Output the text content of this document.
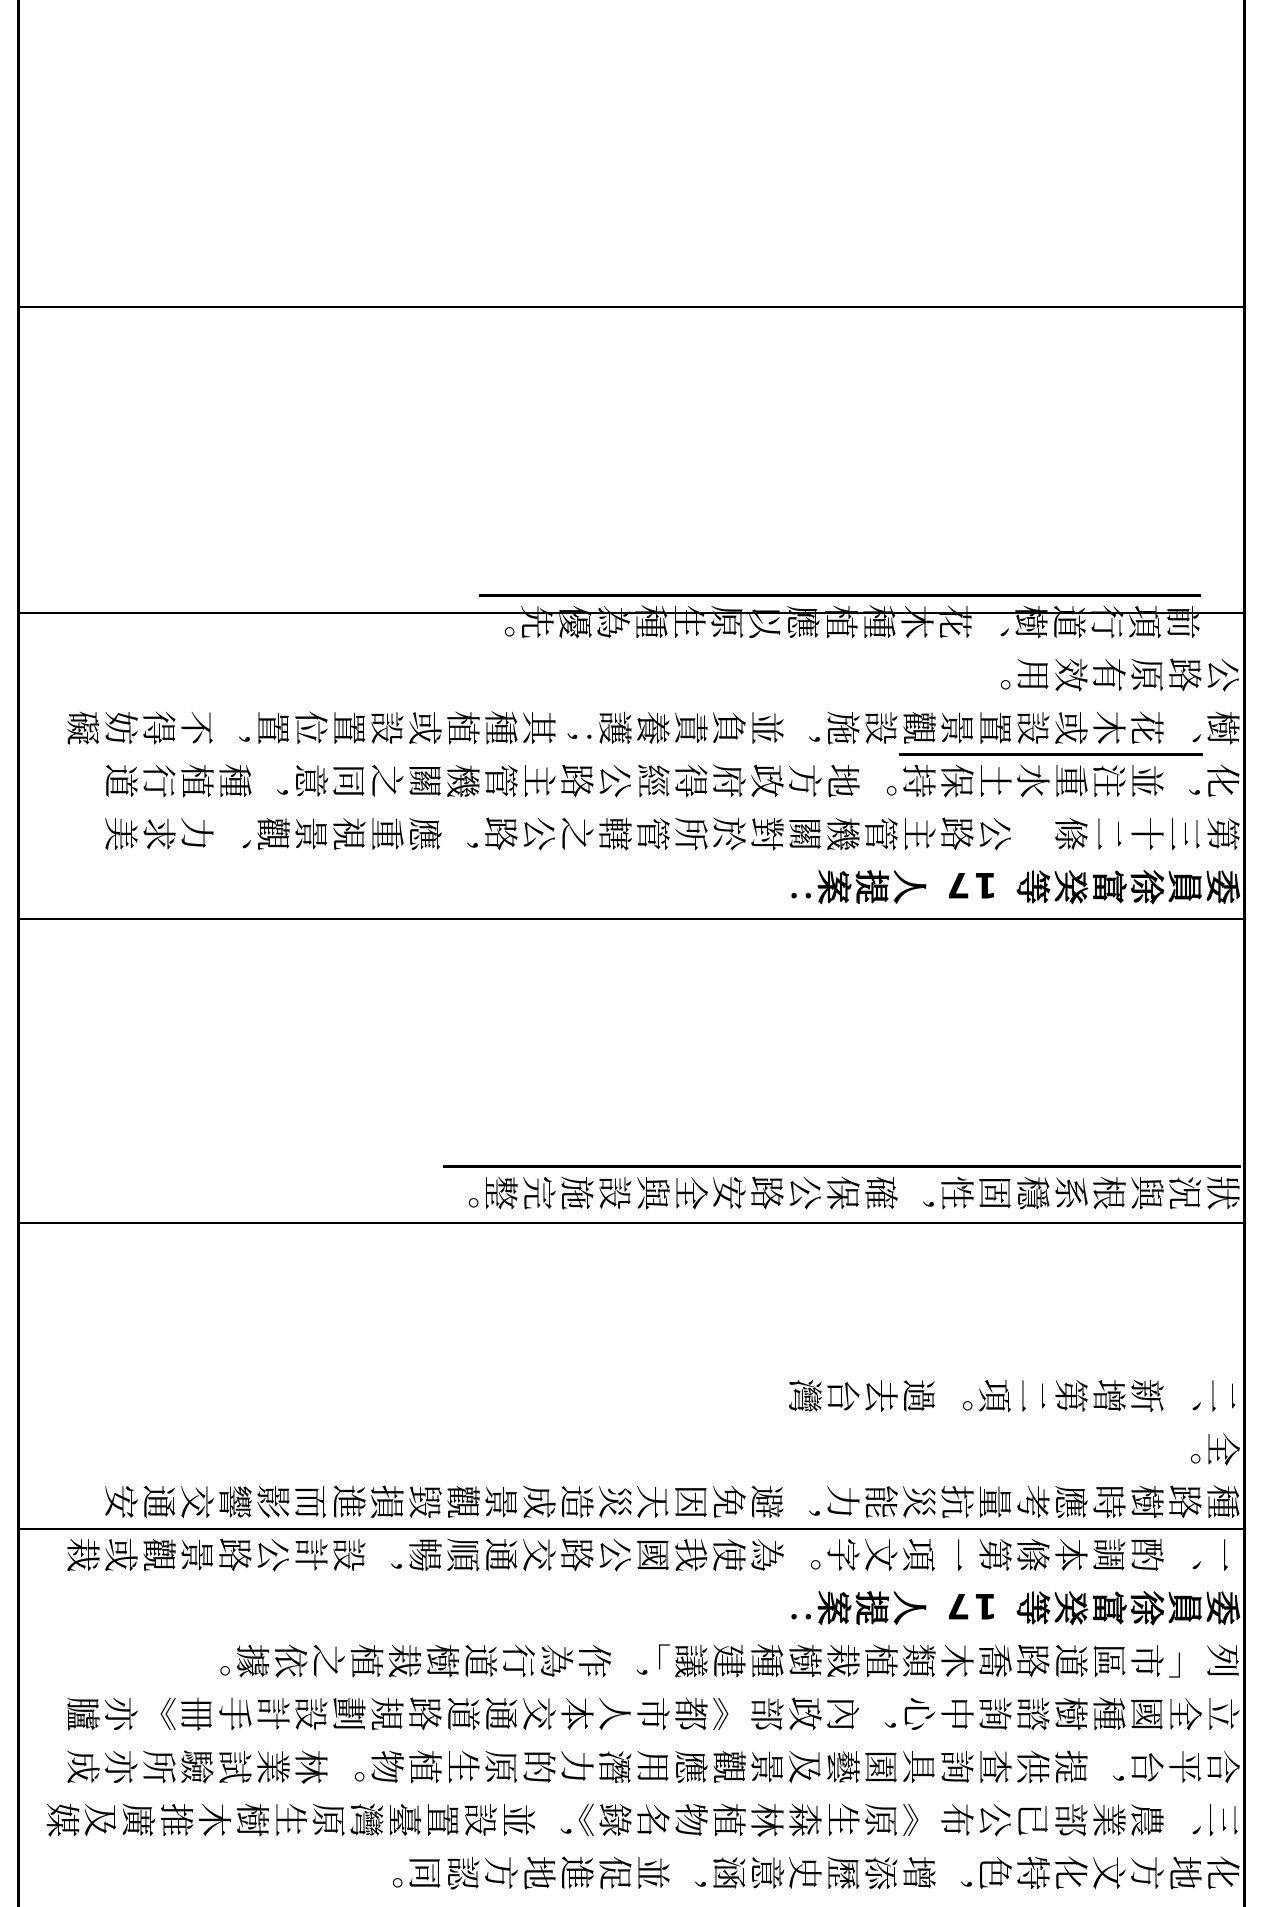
委員徐富癸等 17 人提案：

第三十二條　公路主管機關對於所管轄之公路，應重視景觀、力求美化，並注重水土保持。地方政府得經公路主管機關之同意，種植行道樹、花木或設置景觀設施，並負責養護；其種植或設置位置，不得妨礙公路原有效用。

前項行道樹、花木種植應以原生種為優先。

狀況與根系穩固性，確保公路安全與設施完整。

化地方文化特色，增添歷史意涵，並促進地方認同。

三、農業部已公布《原生森林植物名錄》，並設置臺灣原生樹木推廣及媒合平台，提供查詢具園藝及景觀應用潛力的原生植物。林業試驗所亦成立全國種樹諮詢中心，內政部《都市人本交通道路規劃設計手冊》亦臚列「市區道路喬木類植栽樹種建議」，作為行道樹栽植之依據。

委員徐富癸等 17 人提案：

一、酌調本條第一項文字。為使我國公路交通順暢，設計公路景觀或栽種路樹時應考量抗災能力，避免因天災造成景觀毀損進而影響交通安全。

二、新增第二項。過去台灣
